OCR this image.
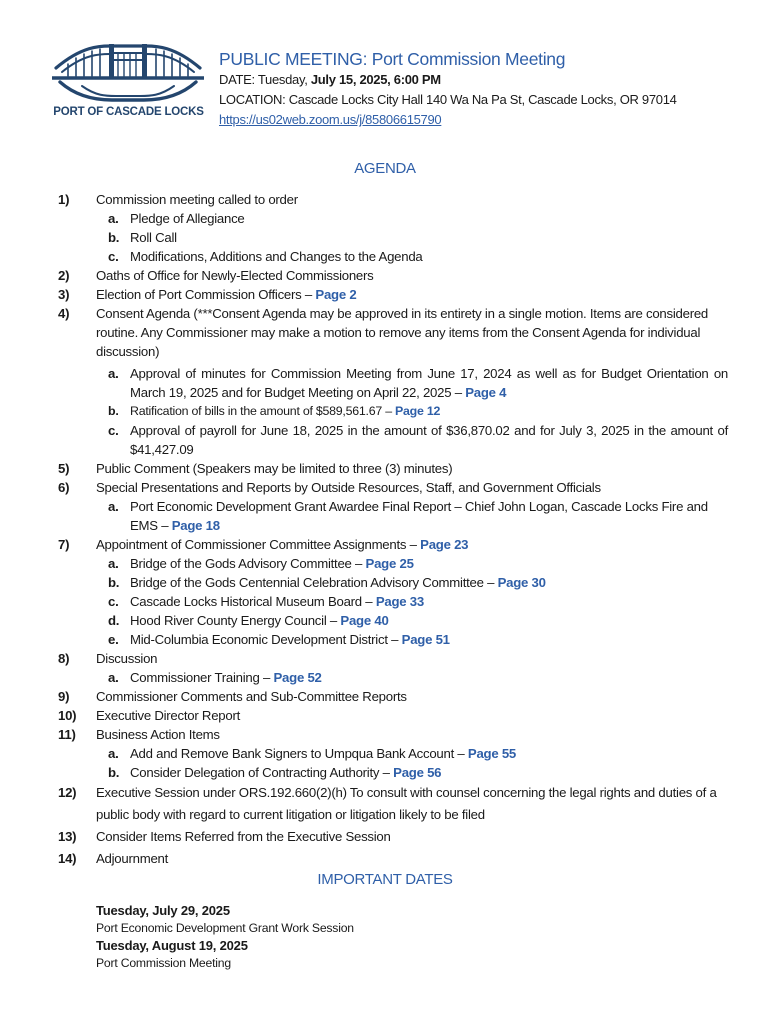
PORT OF CASCADE LOCKS
PUBLIC MEETING: Port Commission Meeting
DATE: Tuesday, July 15, 2025, 6:00 PM
LOCATION: Cascade Locks City Hall 140 Wa Na Pa St, Cascade Locks, OR 97014
https://us02web.zoom.us/j/85806615790
AGENDA
1)	Commission meeting called to order
a. Pledge of Allegiance
b. Roll Call
c. Modifications, Additions and Changes to the Agenda
2)	Oaths of Office for Newly-Elected Commissioners
3)	Election of Port Commission Officers – Page 2
4)	Consent Agenda (***Consent Agenda may be approved in its entirety in a single motion. Items are considered routine. Any Commissioner may make a motion to remove any items from the Consent Agenda for individual discussion)
a. Approval of minutes for Commission Meeting from June 17, 2024 as well as for Budget Orientation on March 19, 2025 and for Budget Meeting on April 22, 2025 – Page 4
b. Ratification of bills in the amount of $589,561.67 – Page 12
c. Approval of payroll for June 18, 2025 in the amount of $36,870.02 and for July 3, 2025 in the amount of $41,427.09
5)	Public Comment (Speakers may be limited to three (3) minutes)
6)	Special Presentations and Reports by Outside Resources, Staff, and Government Officials
a. Port Economic Development Grant Awardee Final Report – Chief John Logan, Cascade Locks Fire and EMS – Page 18
7)	Appointment of Commissioner Committee Assignments – Page 23
a. Bridge of the Gods Advisory Committee – Page 25
b. Bridge of the Gods Centennial Celebration Advisory Committee – Page 30
c. Cascade Locks Historical Museum Board – Page 33
d. Hood River County Energy Council – Page 40
e. Mid-Columbia Economic Development District – Page 51
8)	Discussion
a. Commissioner Training – Page 52
9)	Commissioner Comments and Sub-Committee Reports
10)	Executive Director Report
11)	Business Action Items
a. Add and Remove Bank Signers to Umpqua Bank Account – Page 55
b. Consider Delegation of Contracting Authority – Page 56
12)	Executive Session under ORS.192.660(2)(h) To consult with counsel concerning the legal rights and duties of a public body with regard to current litigation or litigation likely to be filed
13)	Consider Items Referred from the Executive Session
14)	Adjournment
IMPORTANT DATES
Tuesday, July 29, 2025
Port Economic Development Grant Work Session
Tuesday, August 19, 2025
Port Commission Meeting
